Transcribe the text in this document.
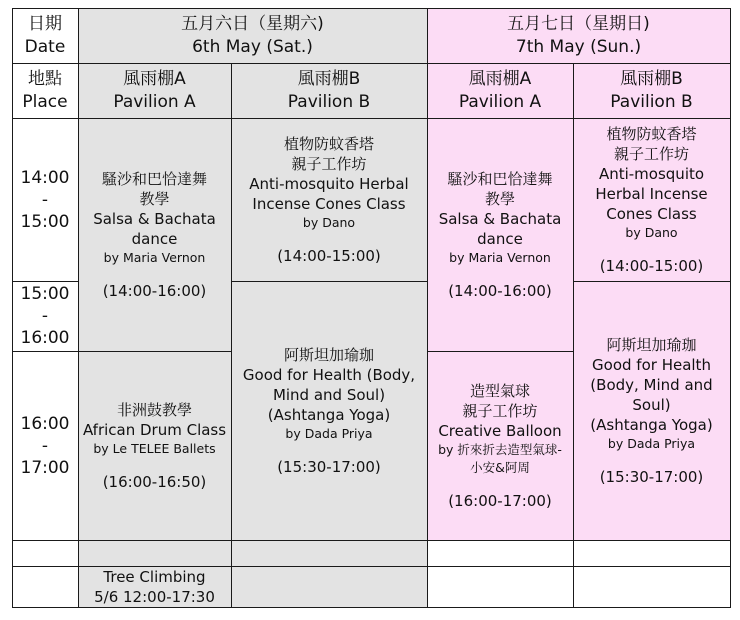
日期
Date
五月六日（星期六)
6th May (Sat.)
五月七日（星期日)
7th May (Sun.)
地點
Place
風雨棚A
Pavilion A
風雨棚B
Pavilion B
風雨棚A
Pavilion A
風雨棚B
Pavilion B
14:00
-
15:00
15:00
-
16:00
16:00
-
17:00
騷沙和巴恰達舞
教學
Salsa & Bachata
dance
by Maria Vernon
(14:00-16:00)
非洲鼓教學
African Drum Class
by Le TELEE Ballets
(16:00-16:50)
植物防蚊香塔
親子工作坊
Anti-mosquito Herbal
Incense Cones Class
by Dano
(14:00-15:00)
阿斯坦加瑜珈
Good for Health (Body,
Mind and Soul)
(Ashtanga Yoga)
by Dada Priya
(15:30-17:00)
騷沙和巴恰達舞
教學
Salsa & Bachata
dance
by Maria Vernon
(14:00-16:00)
造型氣球
親子工作坊
Creative Balloon
by 折來折去造型氣球-
小安&阿周
(16:00-17:00)
植物防蚊香塔
親子工作坊
Anti-mosquito
Herbal Incense
Cones Class
by Dano
(14:00-15:00)
阿斯坦加瑜珈
Good for Health
(Body, Mind and
Soul)
(Ashtanga Yoga)
by Dada Priya
(15:30-17:00)
Tree Climbing
5/6 12:00-17:30
